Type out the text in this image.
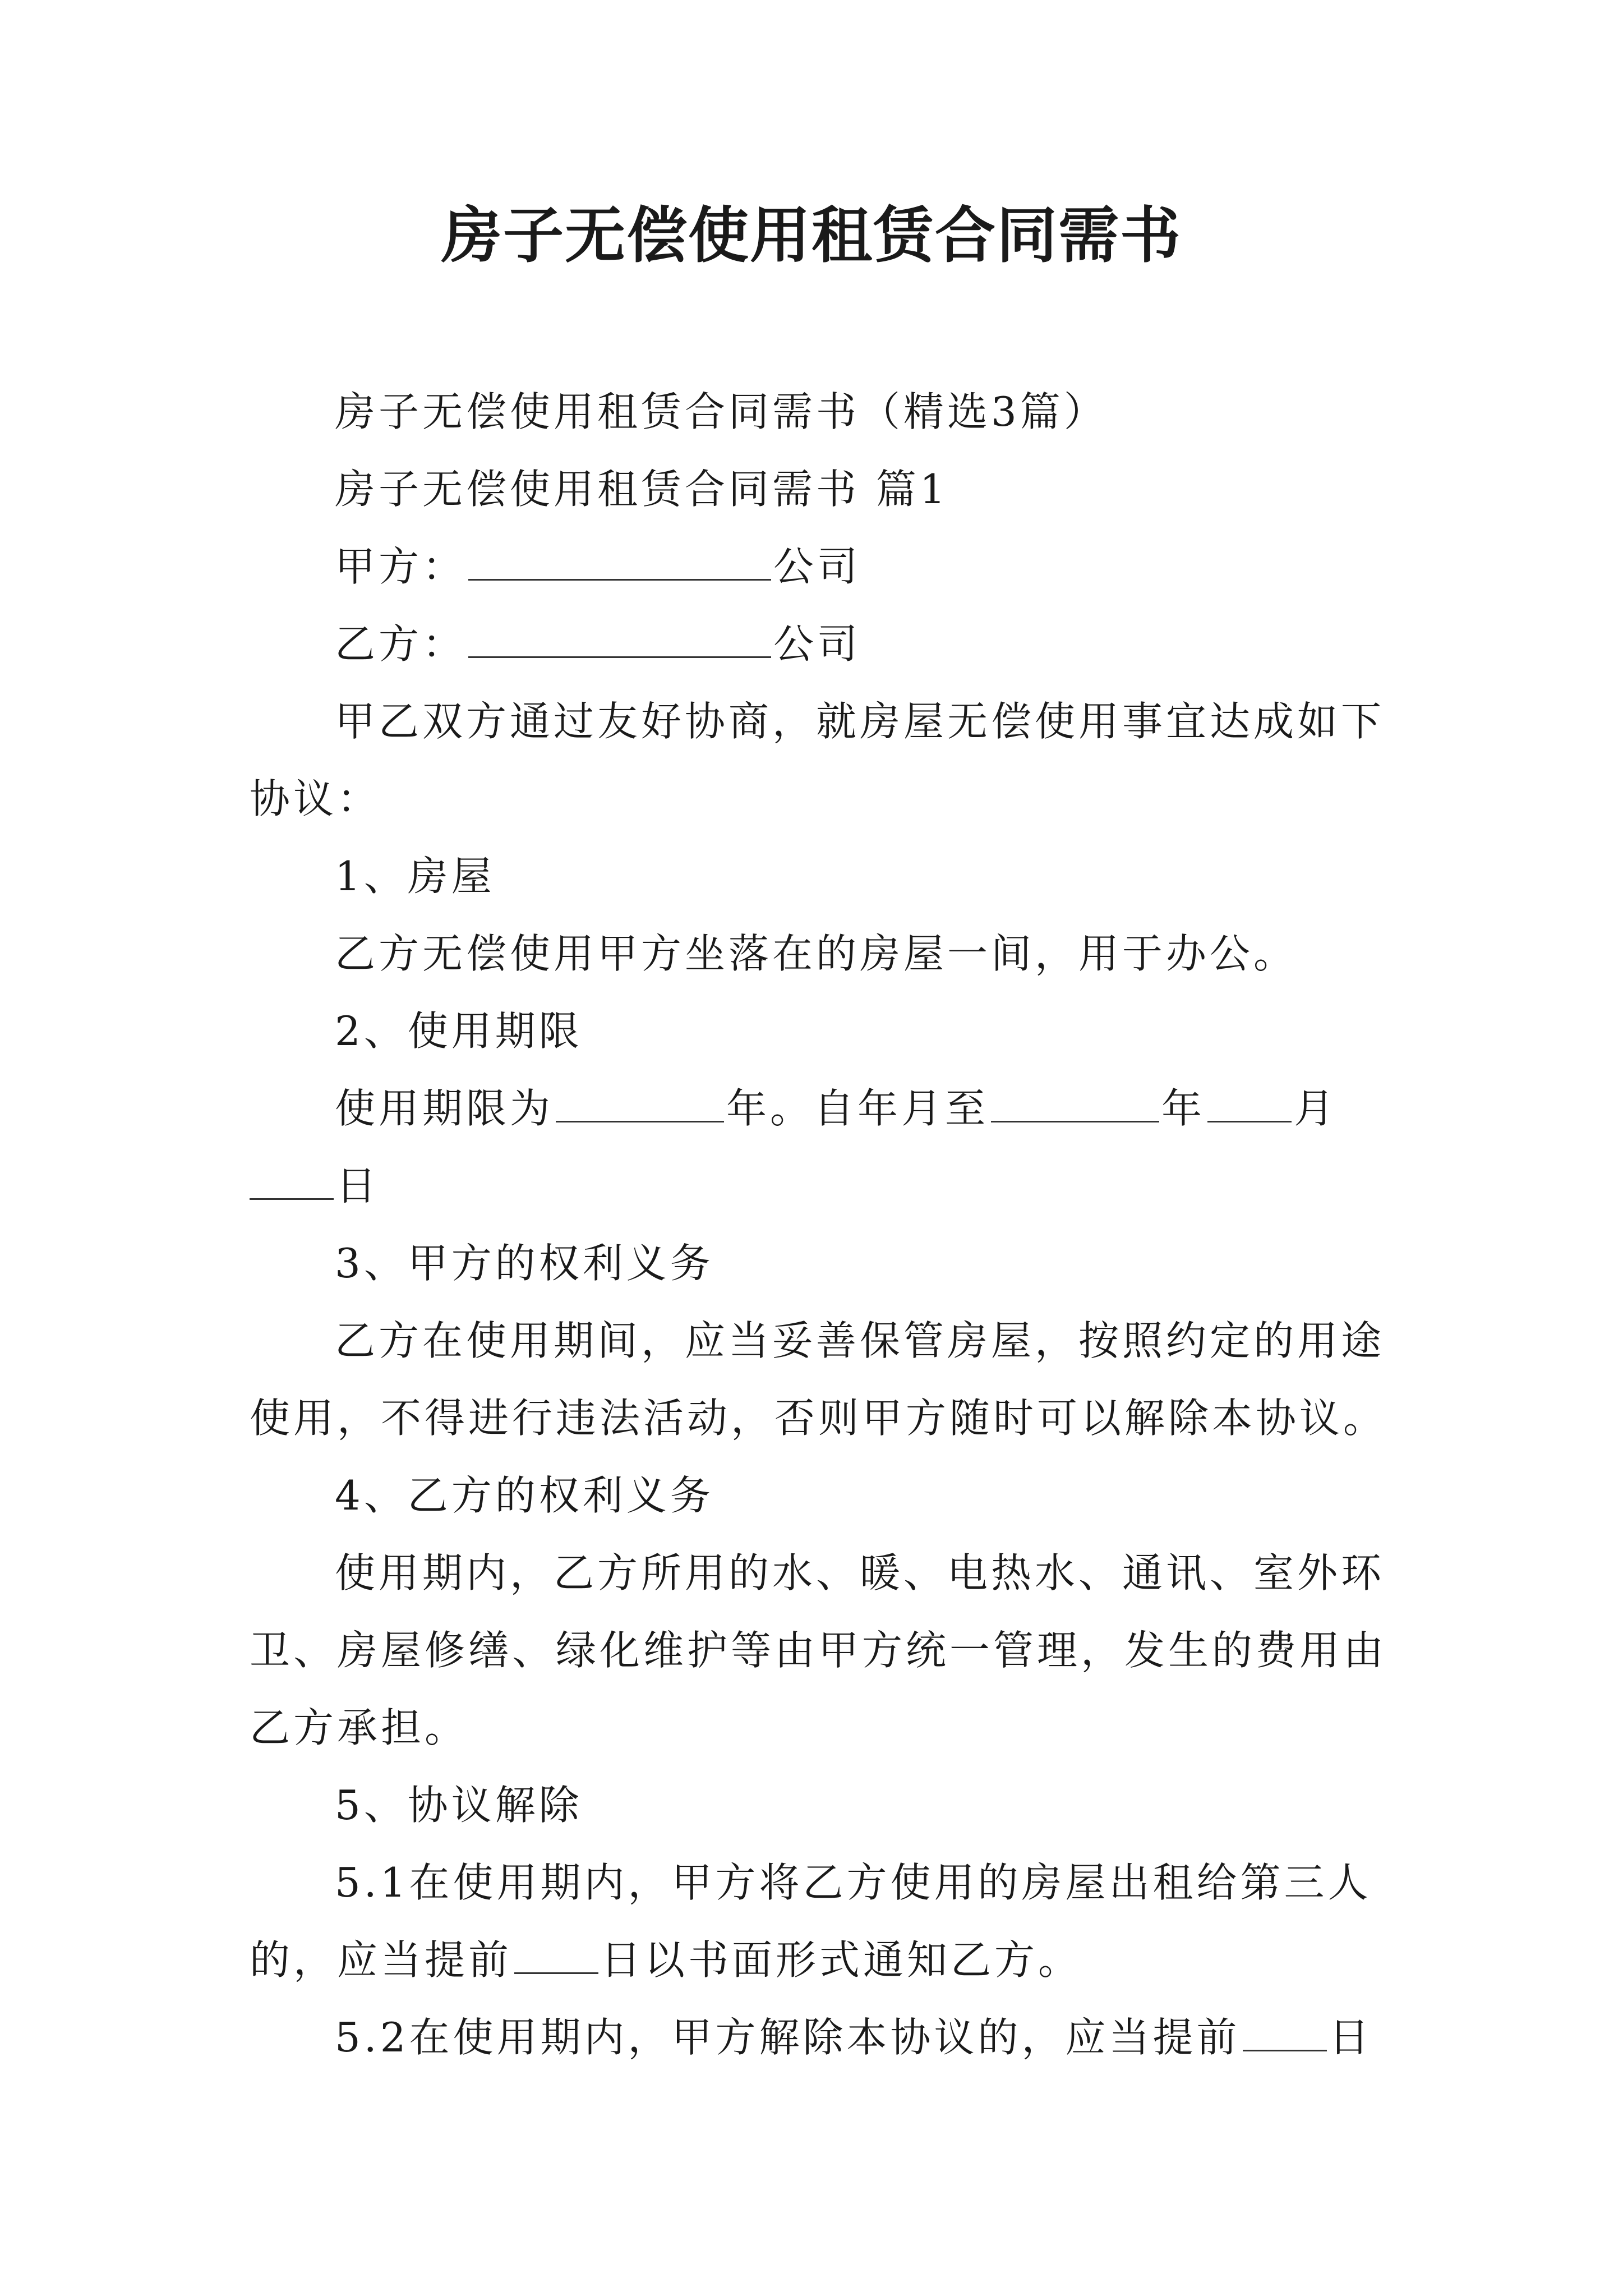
房子无偿使用租赁合同需书

房子无偿使用租赁合同需书（精选3篇）

房子无偿使用租赁合同需书 篇1

甲方：	公司

乙方：	公司

甲乙双方通过友好协商，就房屋无偿使用事宜达成如下

协议：

1、房屋

乙方无偿使用甲方坐落在的房屋一间，用于办公。

2、使用期限

使用期限为	年。自年月至	年 月

日

3、甲方的权利义务

乙方在使用期间，应当妥善保管房屋，按照约定的用途

使用，不得进行违法活动，否则甲方随时可以解除本协议。

4、乙方的权利义务

使用期内，乙方所用的水、暖、电热水、通讯、室外环

卫、房屋修缮、绿化维护等由甲方统一管理，发生的费用由

乙方承担。

5、协议解除

5.1在使用期内，甲方将乙方使用的房屋出租给第三人

的，应当提前 日以书面形式通知乙方。

5.2在使用期内，甲方解除本协议的，应当提前 日
